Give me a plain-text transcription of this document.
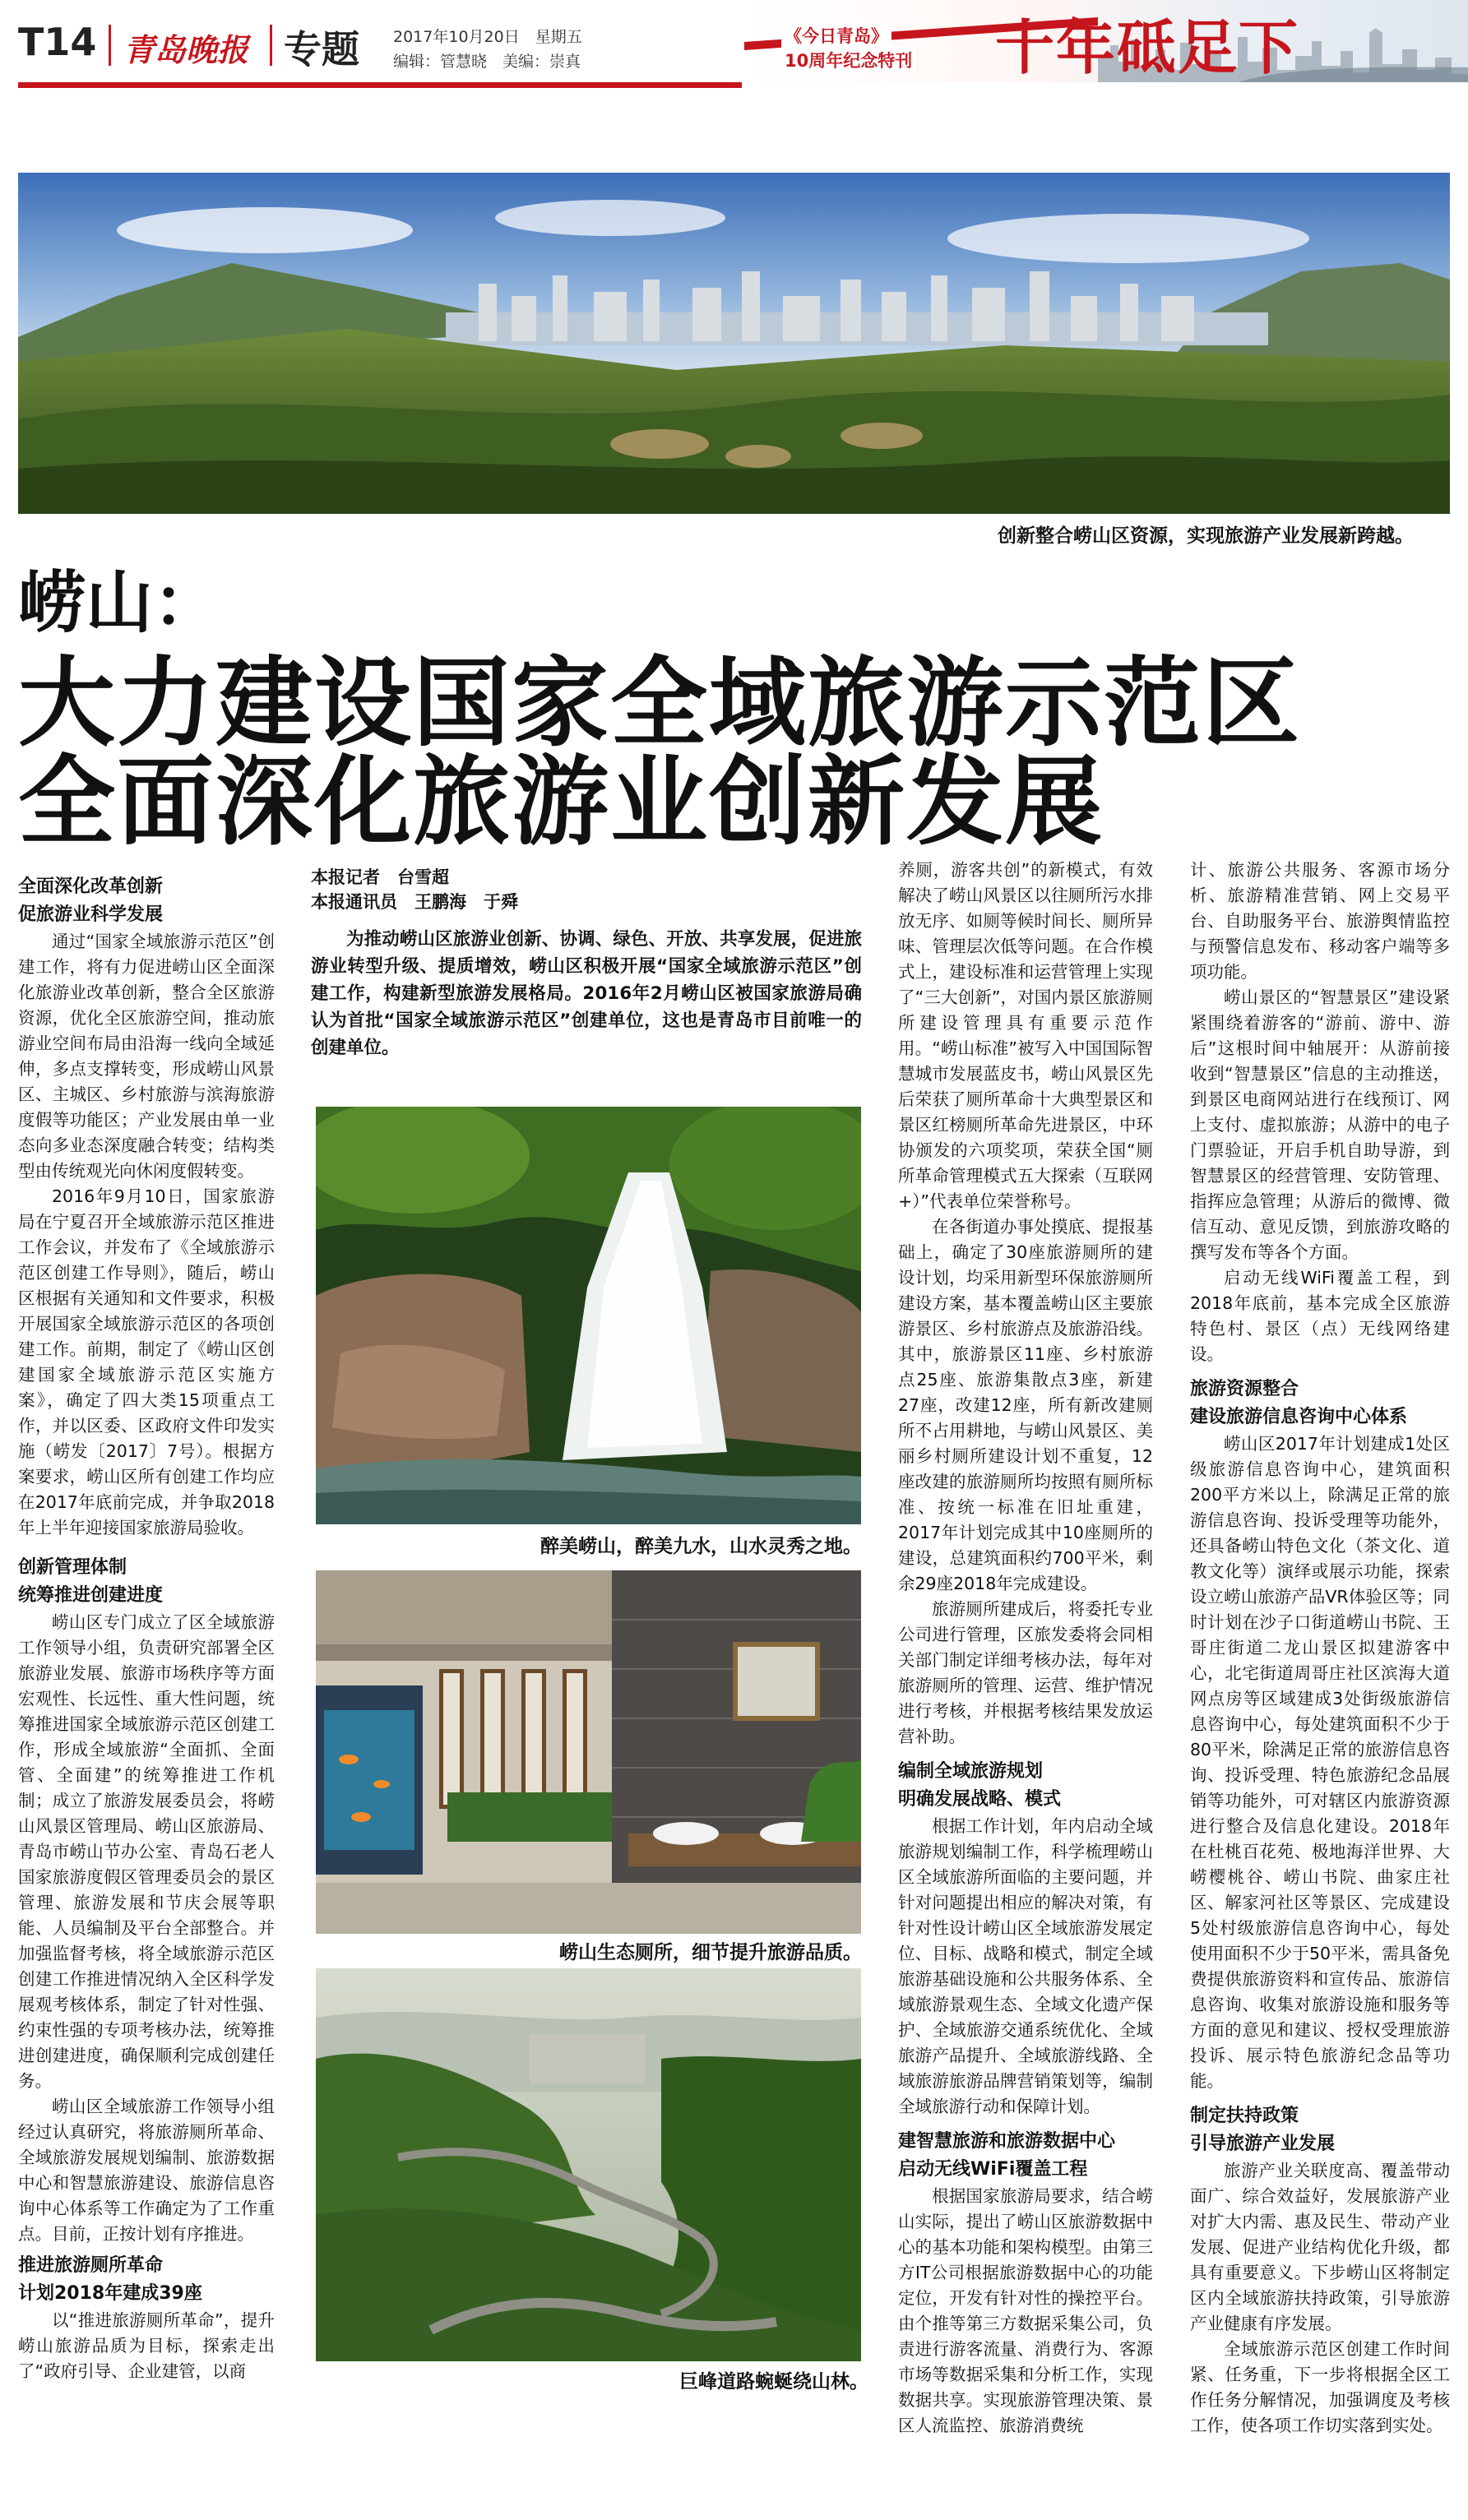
T14 青岛晚报 专题 2017年10月20日　星期五
编辑：管慧晓　美编：崇真
《今日青岛》
10周年纪念特刊 十年砥足下
创新整合崂山区资源，实现旅游产业发展新跨越。
崂山：
大力建设国家全域旅游示范区
全面深化旅游业创新发展
全面深化改革创新
促旅游业科学发展

通过“国家全域旅游示范区”创建工作，将有力促进崂山区全面深化旅游业改革创新，整合全区旅游资源，优化全区旅游空间，推动旅游业空间布局由沿海一线向全域延伸，多点支撑转变，形成崂山风景区、主城区、乡村旅游与滨海旅游度假等功能区；产业发展由单一业态向多业态深度融合转变；结构类型由传统观光向休闲度假转变。

2016年9月10日，国家旅游局在宁夏召开全域旅游示范区推进工作会议，并发布了《全域旅游示范区创建工作导则》，随后，崂山区根据有关通知和文件要求，积极开展国家全域旅游示范区的各项创建工作。前期，制定了《崂山区创建国家全域旅游示范区实施方案》，确定了四大类15项重点工作，并以区委、区政府文件印发实施（崂发〔2017〕7号）。根据方案要求，崂山区所有创建工作均应在2017年底前完成，并争取2018年上半年迎接国家旅游局验收。

创新管理体制
统筹推进创建进度

崂山区专门成立了区全域旅游工作领导小组，负责研究部署全区旅游业发展、旅游市场秩序等方面宏观性、长远性、重大性问题，统筹推进国家全域旅游示范区创建工作，形成全域旅游“全面抓、全面管、全面建”的统筹推进工作机制；成立了旅游发展委员会，将崂山风景区管理局、崂山区旅游局、青岛市崂山节办公室、青岛石老人国家旅游度假区管理委员会的景区管理、旅游发展和节庆会展等职能、人员编制及平台全部整合。并加强监督考核，将全域旅游示范区创建工作推进情况纳入全区科学发展观考核体系，制定了针对性强、约束性强的专项考核办法，统筹推进创建进度，确保顺利完成创建任务。

崂山区全域旅游工作领导小组经过认真研究，将旅游厕所革命、全域旅游发展规划编制、旅游数据中心和智慧旅游建设、旅游信息咨询中心体系等工作确定为了工作重点。目前，正按计划有序推进。

推进旅游厕所革命
计划2018年建成39座

以“推进旅游厕所革命”，提升崂山旅游品质为目标，探索走出了“政府引导、企业建管，以商

本报记者　台雪超
本报通讯员　王鹏海　于舜
为推动崂山区旅游业创新、协调、绿色、开放、共享发展，促进旅游业转型升级、提质增效，崂山区积极开展“国家全域旅游示范区”创建工作，构建新型旅游发展格局。2016年2月崂山区被国家旅游局确认为首批“国家全域旅游示范区”创建单位，这也是青岛市目前唯一的创建单位。
醉美崂山，醉美九水，山水灵秀之地。
崂山生态厕所，细节提升旅游品质。
巨峰道路蜿蜒绕山林。

养厕，游客共创”的新模式，有效解决了崂山风景区以往厕所污水排放无序、如厕等候时间长、厕所异味、管理层次低等问题。在合作模式上，建设标准和运营管理上实现了“三大创新”，对国内景区旅游厕所建设管理具有重要示范作用。“崂山标准”被写入中国国际智慧城市发展蓝皮书，崂山风景区先后荣获了厕所革命十大典型景区和景区红榜厕所革命先进景区，中环协颁发的六项奖项，荣获全国“厕所革命管理模式五大探索（互联网+）”代表单位荣誉称号。

在各街道办事处摸底、提报基础上，确定了30座旅游厕所的建设计划，均采用新型环保旅游厕所建设方案，基本覆盖崂山区主要旅游景区、乡村旅游点及旅游沿线。其中，旅游景区11座、乡村旅游点25座、旅游集散点3座，新建27座，改建12座，所有新改建厕所不占用耕地，与崂山风景区、美丽乡村厕所建设计划不重复，12座改建的旅游厕所均按照有厕所标准、按统一标准在旧址重建，2017年计划完成其中10座厕所的建设，总建筑面积约700平米，剩余29座2018年完成建设。

旅游厕所建成后，将委托专业公司进行管理，区旅发委将会同相关部门制定详细考核办法，每年对旅游厕所的管理、运营、维护情况进行考核，并根据考核结果发放运营补助。

编制全域旅游规划
明确发展战略、模式

根据工作计划，年内启动全域旅游规划编制工作，科学梳理崂山区全域旅游所面临的主要问题，并针对问题提出相应的解决对策，有针对性设计崂山区全域旅游发展定位、目标、战略和模式，制定全域旅游基础设施和公共服务体系、全域旅游景观生态、全域文化遗产保护、全域旅游交通系统优化、全域旅游产品提升、全域旅游线路、全域旅游旅游品牌营销策划等，编制全域旅游行动和保障计划。

建智慧旅游和旅游数据中心
启动无线WiFi覆盖工程

根据国家旅游局要求，结合崂山实际，提出了崂山区旅游数据中心的基本功能和架构模型。由第三方IT公司根据旅游数据中心的功能定位，开发有针对性的操控平台。由个推等第三方数据采集公司，负责进行游客流量、消费行为、客源市场等数据采集和分析工作，实现数据共享。实现旅游管理决策、景区人流监控、旅游消费统

计、旅游公共服务、客源市场分析、旅游精准营销、网上交易平台、自助服务平台、旅游舆情监控与预警信息发布、移动客户端等多项功能。

崂山景区的“智慧景区”建设紧紧围绕着游客的“游前、游中、游后”这根时间中轴展开：从游前接收到“智慧景区”信息的主动推送，到景区电商网站进行在线预订、网上支付、虚拟旅游；从游中的电子门票验证，开启手机自助导游，到智慧景区的经营管理、安防管理、指挥应急管理；从游后的微博、微信互动、意见反馈，到旅游攻略的撰写发布等各个方面。

启动无线WiFi覆盖工程，到2018年底前，基本完成全区旅游特色村、景区（点）无线网络建设。

旅游资源整合
建设旅游信息咨询中心体系

崂山区2017年计划建成1处区级旅游信息咨询中心，建筑面积200平方米以上，除满足正常的旅游信息咨询、投诉受理等功能外，还具备崂山特色文化（茶文化、道教文化等）演绎或展示功能，探索设立崂山旅游产品VR体验区等；同时计划在沙子口街道崂山书院、王哥庄街道二龙山景区拟建游客中心，北宅街道周哥庄社区滨海大道网点房等区域建成3处街级旅游信息咨询中心，每处建筑面积不少于80平米，除满足正常的旅游信息咨询、投诉受理、特色旅游纪念品展销等功能外，可对辖区内旅游资源进行整合及信息化建设。2018年在杜桃百花苑、极地海洋世界、大崂樱桃谷、崂山书院、曲家庄社区、解家河社区等景区、完成建设5处村级旅游信息咨询中心，每处使用面积不少于50平米，需具备免费提供旅游资料和宣传品、旅游信息咨询、收集对旅游设施和服务等方面的意见和建议、授权受理旅游投诉、展示特色旅游纪念品等功能。

制定扶持政策
引导旅游产业发展

旅游产业关联度高、覆盖带动面广、综合效益好，发展旅游产业对扩大内需、惠及民生、带动产业发展、促进产业结构优化升级，都具有重要意义。下步崂山区将制定区内全域旅游扶持政策，引导旅游产业健康有序发展。

全域旅游示范区创建工作时间紧、任务重，下一步将根据全区工作任务分解情况，加强调度及考核工作，使各项工作切实落到实处。
